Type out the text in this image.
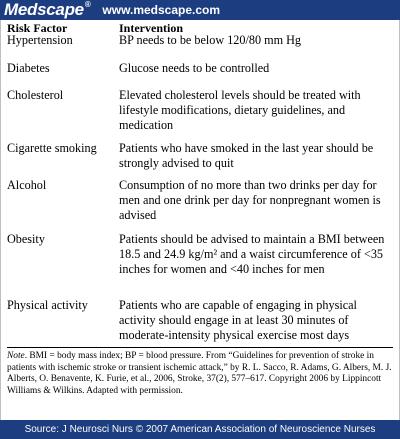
Medscape® www.medscape.com
Risk Factor	Intervention
Hypertension	BP needs to be below 120/80 mm Hg
Diabetes	Glucose needs to be controlled
Cholesterol	Elevated cholesterol levels should be treated with lifestyle modifications, dietary guidelines, and medication
Cigarette smoking	Patients who have smoked in the last year should be strongly advised to quit
Alcohol	Consumption of no more than two drinks per day for men and one drink per day for nonpregnant women is advised
Obesity	Patients should be advised to maintain a BMI between 18.5 and 24.9 kg/m² and a waist circumference of <35 inches for women and <40 inches for men
Physical activity	Patients who are capable of engaging in physical activity should engage in at least 30 minutes of moderate-intensity physical exercise most days
Note. BMI = body mass index; BP = blood pressure. From “Guidelines for prevention of stroke in patients with ischemic stroke or transient ischemic attack,” by R. L. Sacco, R. Adams, G. Albers, M. J. Alberts, O. Benavente, K. Furie, et al., 2006, Stroke, 37(2), 577–617. Copyright 2006 by Lippincott Williams & Wilkins. Adapted with permission.
Source: J Neurosci Nurs © 2007 American Association of Neuroscience Nurses
